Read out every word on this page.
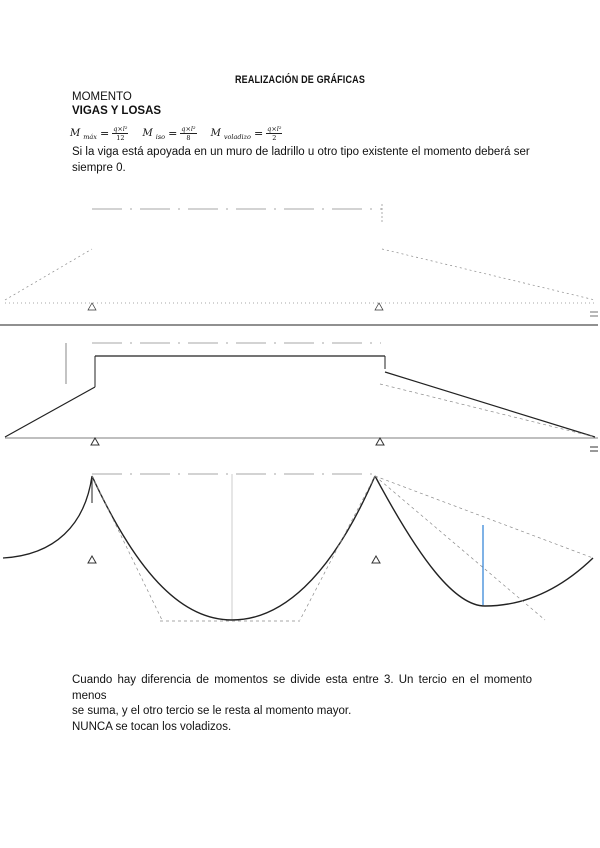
REALIZACIÓN DE GRÁFICAS
MOMENTO
VIGAS Y LOSAS
M máx = $\frac{\text{q×l²}}{12}$ M iso = $\frac{\text{q×l²}}{8}$ M voladizo = $\frac{\text{q×l²}}{2}$
Si la viga está apoyada en un muro de ladrillo u otro tipo existente el momento deberá ser
siempre 0.
Cuando hay diferencia de momentos se divide esta entre 3. Un tercio en el momento menos
se suma, y el otro tercio se le resta al momento mayor.
NUNCA se tocan los voladizos.
